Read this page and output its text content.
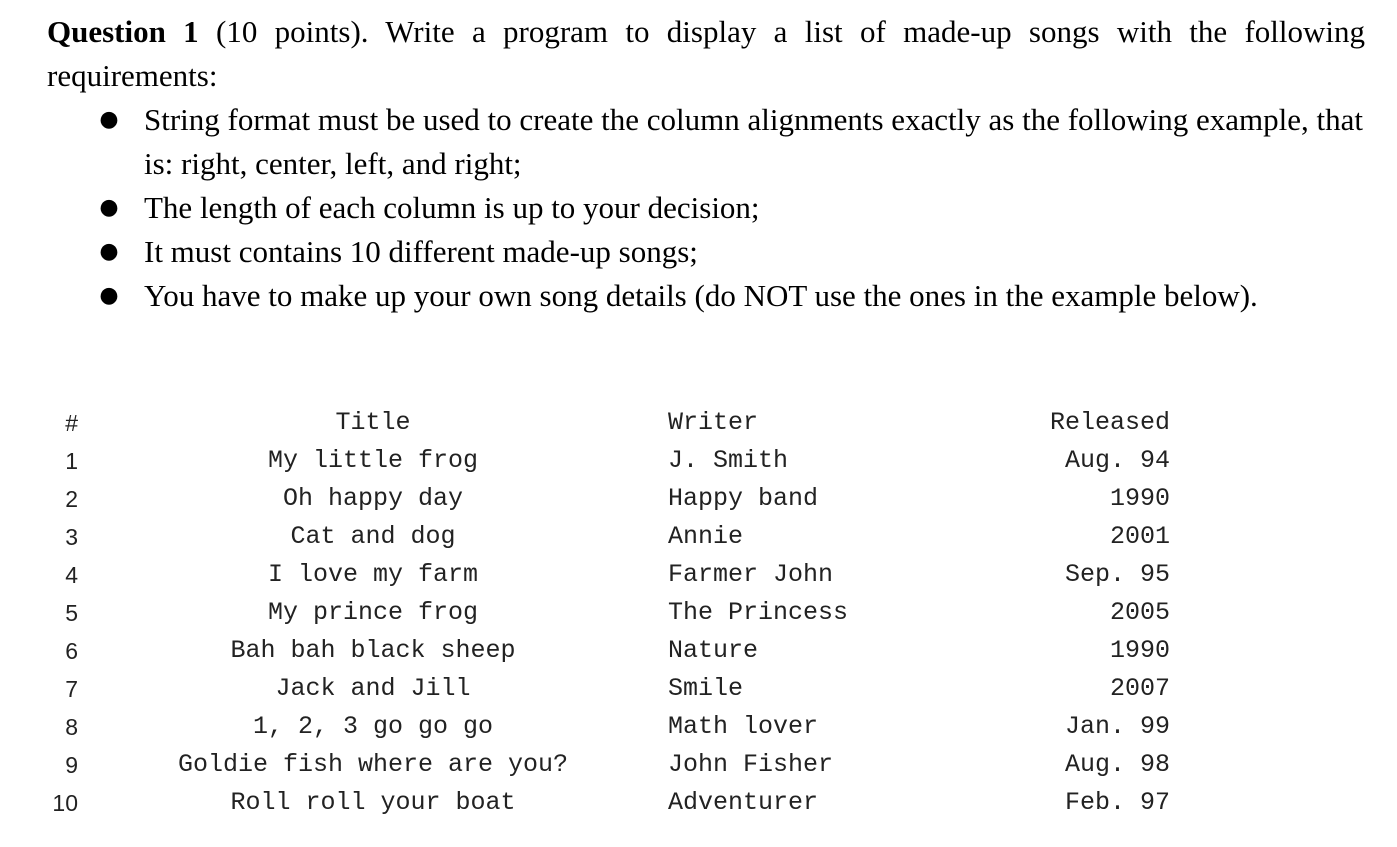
Question 1 (10 points). Write a program to display a list of made-up songs with the following requirements:

● String format must be used to create the column alignments exactly as the following example, that is: right, center, left, and right;
● The length of each column is up to your decision;
● It must contains 10 different made-up songs;
● You have to make up your own song details (do NOT use the ones in the example below).
#	Title	Writer	Released
1	My little frog	J. Smith	Aug. 94
2	Oh happy day	Happy band	1990
3	Cat and dog	Annie	2001
4	I love my farm	Farmer John	Sep. 95
5	My prince frog	The Princess	2005
6	Bah bah black sheep	Nature	1990
7	Jack and Jill	Smile	2007
8	1, 2, 3 go go go	Math lover	Jan. 99
9	Goldie fish where are you?	John Fisher	Aug. 98
10	Roll roll your boat	Adventurer	Feb. 97
